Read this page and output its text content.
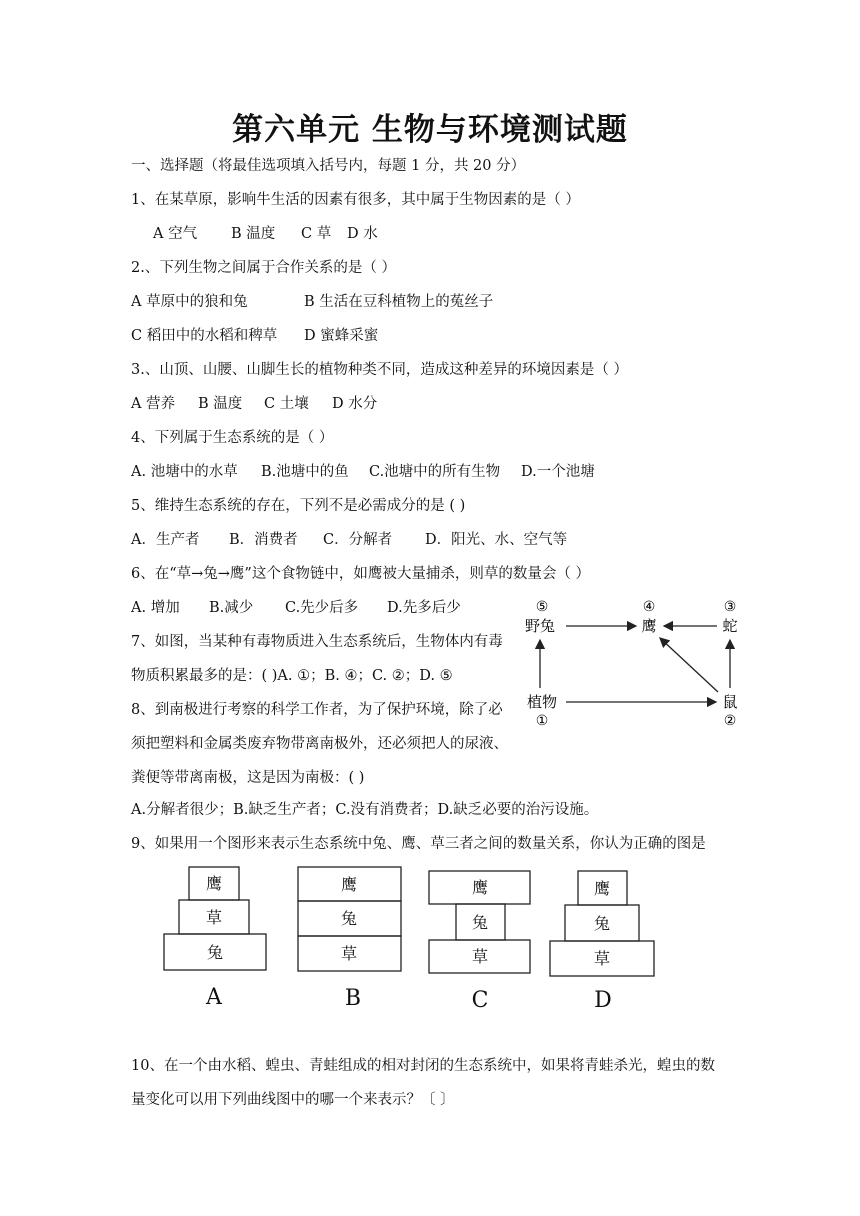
第六单元 生物与环境测试题
一、选择题（将最佳选项填入括号内，每题 1 分，共 20 分）
1、在某草原，影响牛生活的因素有很多，其中属于生物因素的是（ ）
A 空气 B 温度 C 草 D 水
2.、下列生物之间属于合作关系的是（ ）
A 草原中的狼和兔	B 生活在豆科植物上的菟丝子
C 稻田中的水稻和稗草 D 蜜蜂采蜜
3.、山顶、山腰、山脚生长的植物种类不同，造成这种差异的环境因素是（ ）
A 营养 B 温度 C 土壤 D 水分
4、下列属于生态系统的是（ ）
A. 池塘中的水草 B.池塘中的鱼 C.池塘中的所有生物 D.一个池塘
5、维持生态系统的存在，下列不是必需成分的是 ( )
A．生产者 B．消费者 C．分解者 D．阳光、水、空气等
6、在“草→兔→鹰”这个食物链中，如鹰被大量捕杀，则草的数量会（ ）
A. 增加 B.减少 C.先少后多 D.先多后少
7、如图，当某种有毒物质进入生态系统后，生物体内有毒
物质积累最多的是：( )A. ①；B. ④；C. ②；D. ⑤
8、到南极进行考察的科学工作者，为了保护环境，除了必
须把塑料和金属类废弃物带离南极外，还必须把人的尿液、
粪便等带离南极，这是因为南极：( )
A.分解者很少；B.缺乏生产者；C.没有消费者；D.缺乏必要的治污设施。
9、如果用一个图形来表示生态系统中兔、鹰、草三者之间的数量关系，你认为正确的图是
⑤
野兔
④
鹰
③
蛇
植物
①
鼠
②
鹰
草
兔
鹰
兔
草
鹰
兔
草
鹰
兔
草
A	B	C	D
10、在一个由水稻、蝗虫、青蛙组成的相对封闭的生态系统中，如果将青蛙杀光，蝗虫的数
量变化可以用下列曲线图中的哪一个来表示？〔 〕
